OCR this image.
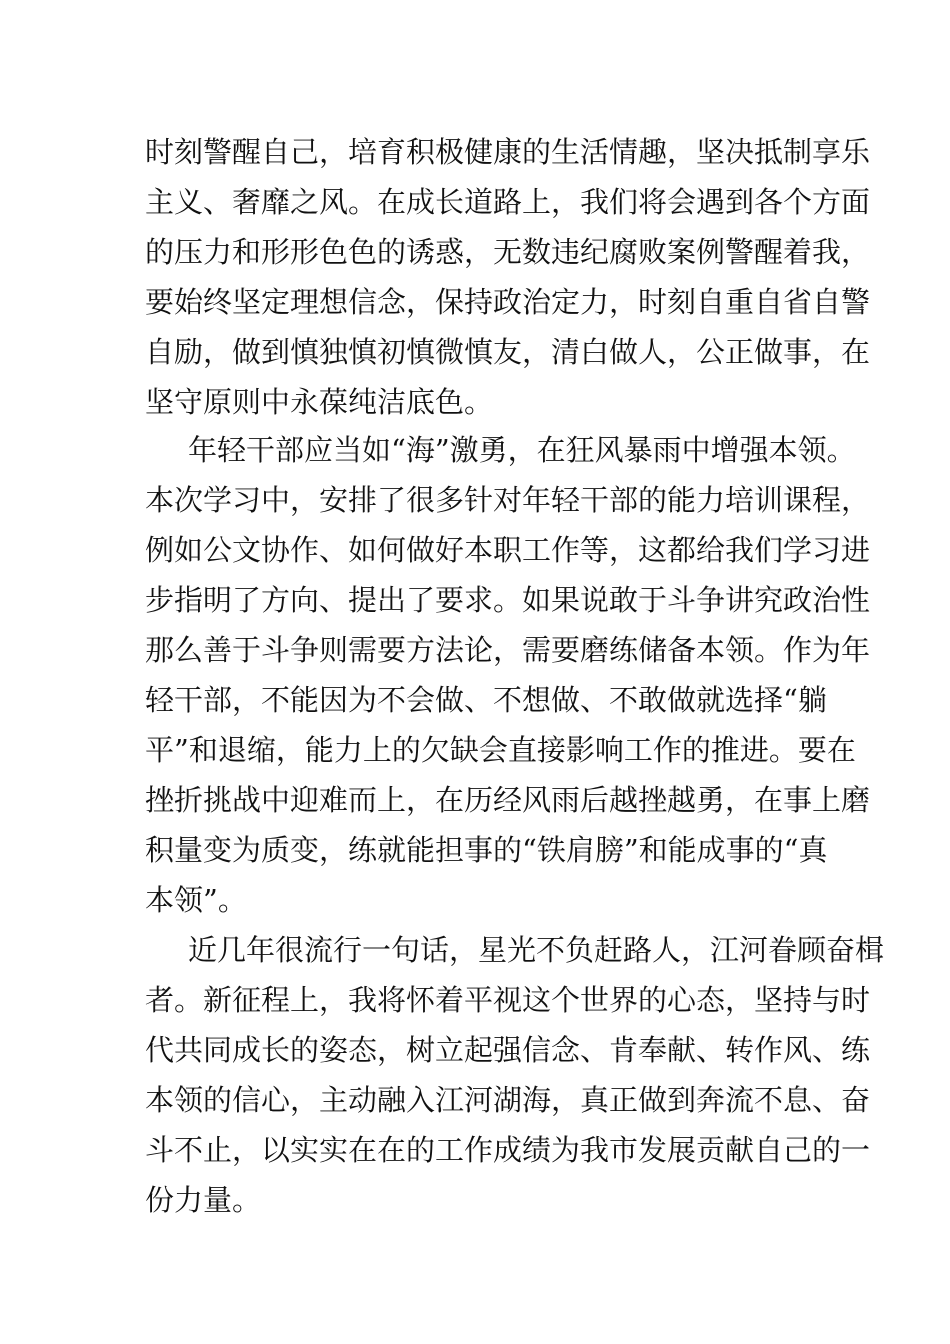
时刻警醒自己，培育积极健康的生活情趣，坚决抵制享乐
主义、奢靡之风。在成长道路上，我们将会遇到各个方面
的压力和形形色色的诱惑，无数违纪腐败案例警醒着我，
要始终坚定理想信念，保持政治定力，时刻自重自省自警
自励，做到慎独慎初慎微慎友，清白做人，公正做事，在
坚守原则中永葆纯洁底色。
年轻干部应当如“海”激勇，在狂风暴雨中增强本领。
本次学习中，安排了很多针对年轻干部的能力培训课程，
例如公文协作、如何做好本职工作等，这都给我们学习进
步指明了方向、提出了要求。如果说敢于斗争讲究政治性
那么善于斗争则需要方法论，需要磨练储备本领。作为年
轻干部，不能因为不会做、不想做、不敢做就选择“躺
平”和退缩，能力上的欠缺会直接影响工作的推进。要在
挫折挑战中迎难而上，在历经风雨后越挫越勇，在事上磨
积量变为质变，练就能担事的“铁肩膀”和能成事的“真
本领”。
近几年很流行一句话，星光不负赶路人，江河眷顾奋楫
者。新征程上，我将怀着平视这个世界的心态，坚持与时
代共同成长的姿态，树立起强信念、肯奉献、转作风、练
本领的信心，主动融入江河湖海，真正做到奔流不息、奋
斗不止，以实实在在的工作成绩为我市发展贡献自己的一
份力量。
